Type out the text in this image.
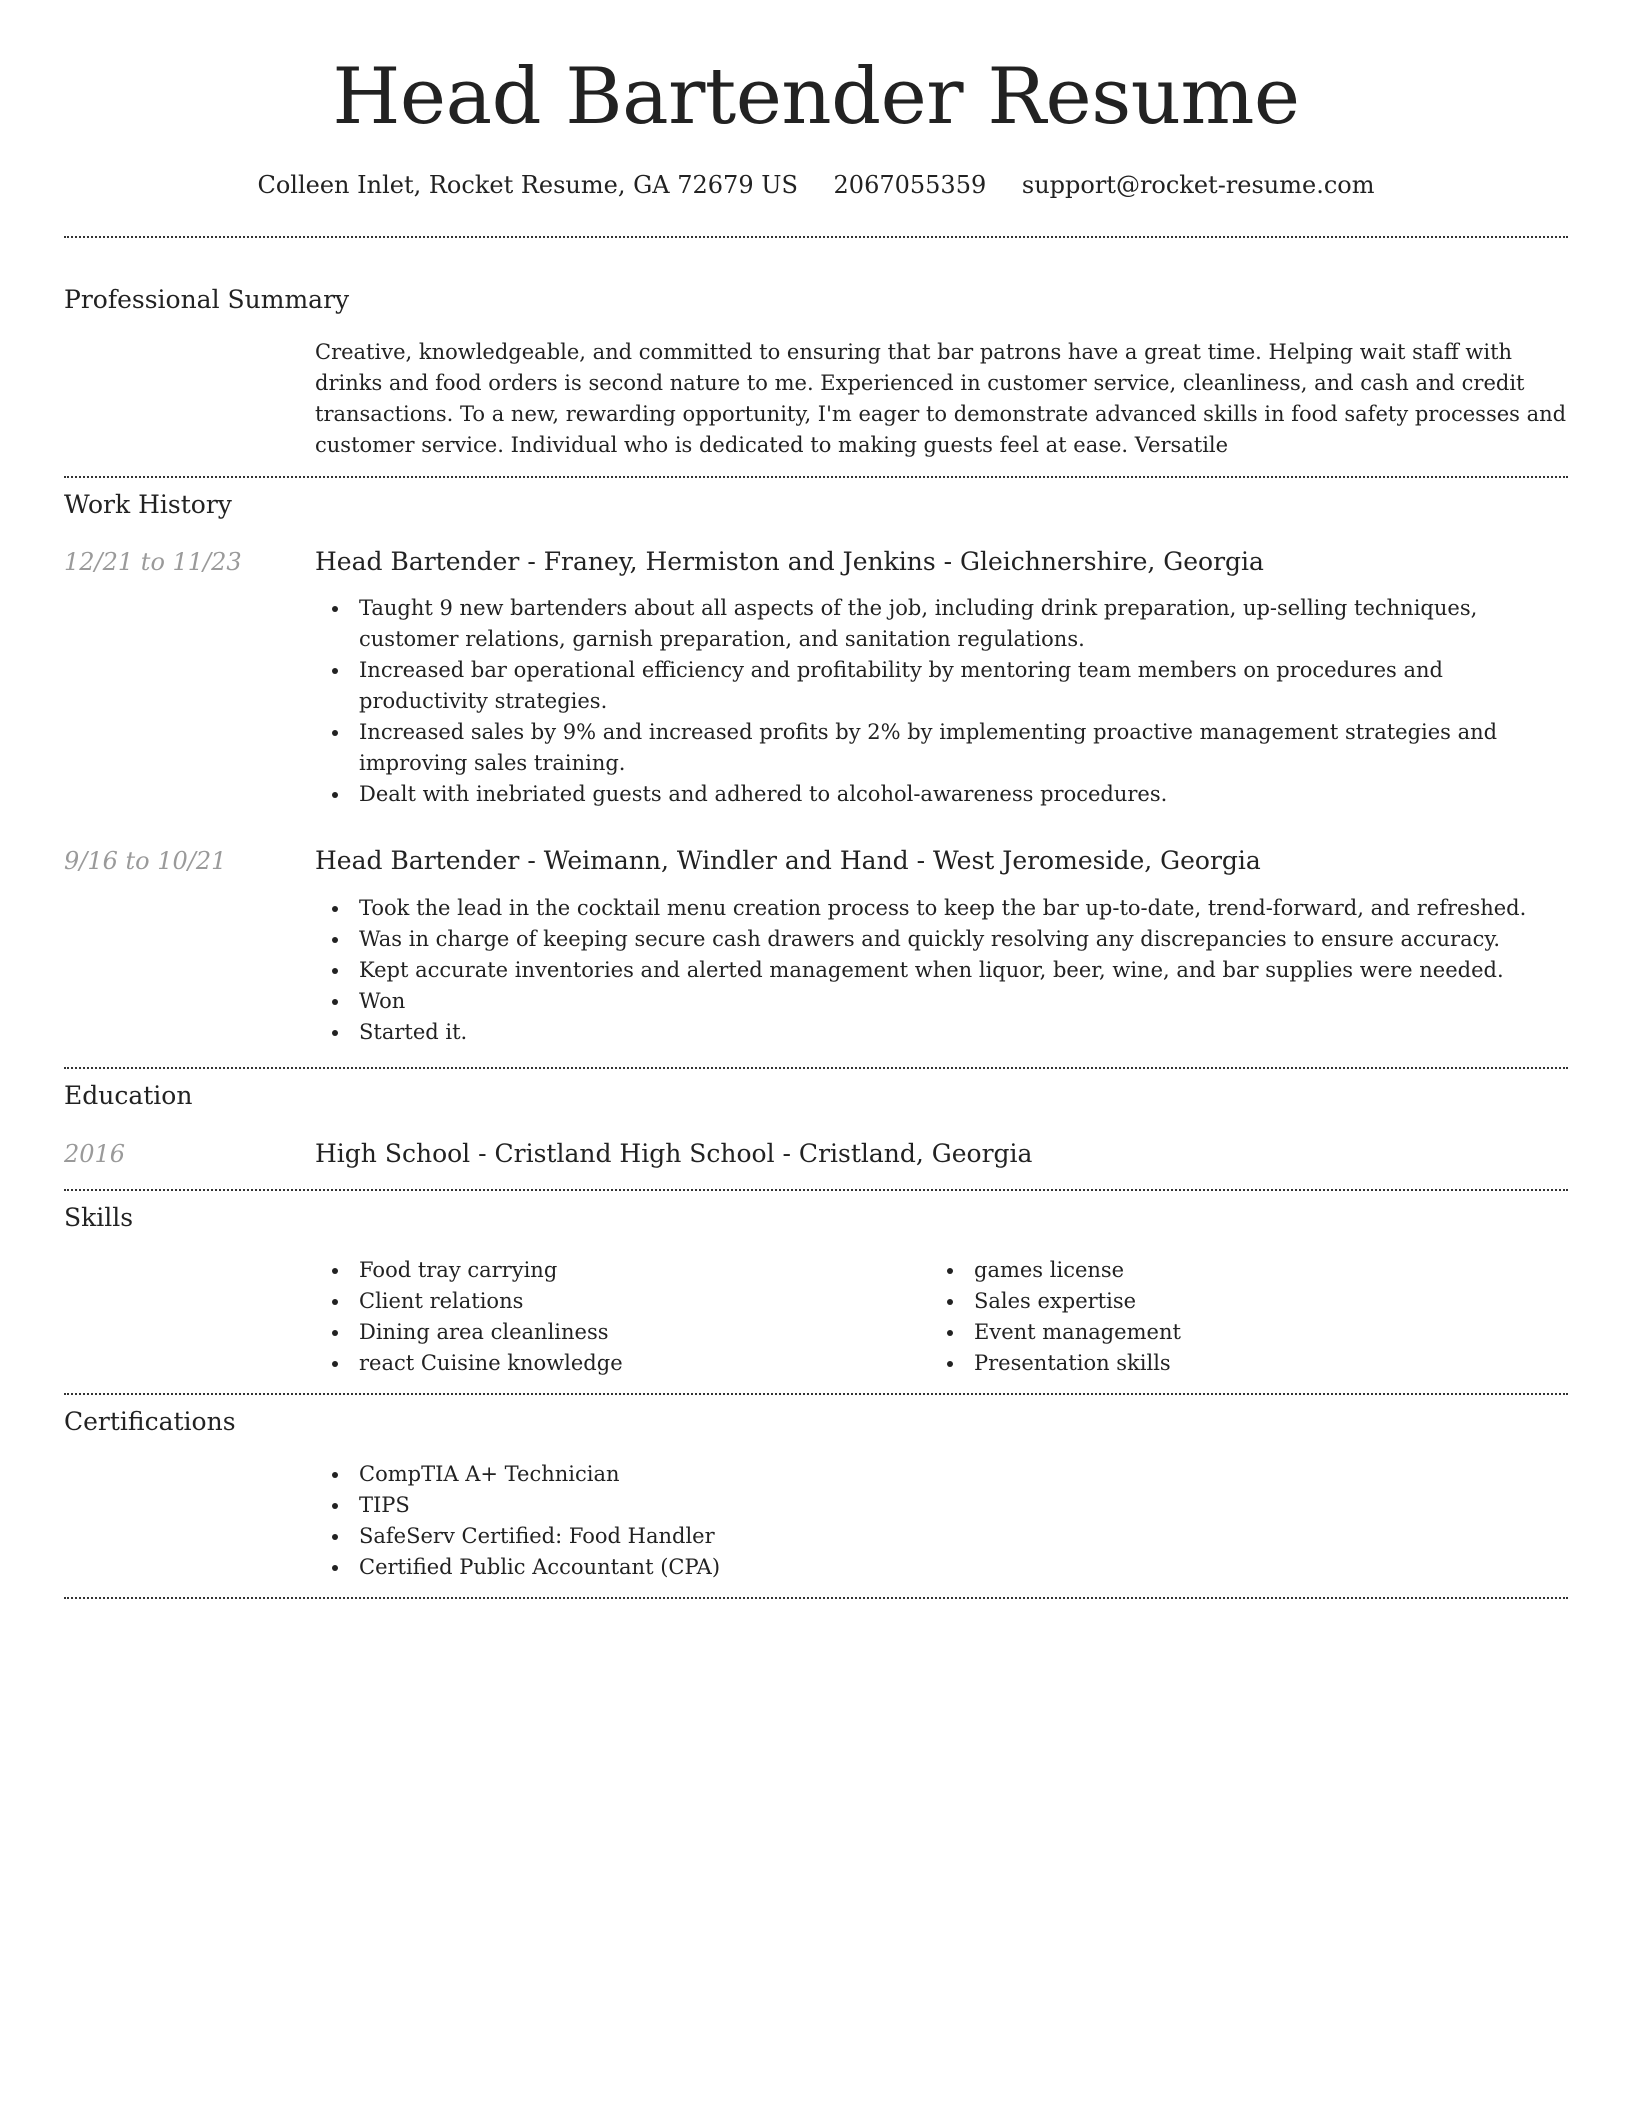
Head Bartender Resume
Colleen Inlet, Rocket Resume, GA 72679 US 2067055359 support@rocket-resume.com
Professional Summary
Creative, knowledgeable, and committed to ensuring that bar patrons have a great time. Helping wait staff with drinks and food orders is second nature to me. Experienced in customer service, cleanliness, and cash and credit transactions. To a new, rewarding opportunity, I'm eager to demonstrate advanced skills in food safety processes and customer service. Individual who is dedicated to making guests feel at ease. Versatile
Work History
12/21 to 11/23	Head Bartender - Franey, Hermiston and Jenkins - Gleichnershire, Georgia
Taught 9 new bartenders about all aspects of the job, including drink preparation, up-selling techniques, customer relations, garnish preparation, and sanitation regulations.
Increased bar operational efficiency and profitability by mentoring team members on procedures and productivity strategies.
Increased sales by 9% and increased profits by 2% by implementing proactive management strategies and improving sales training.
Dealt with inebriated guests and adhered to alcohol-awareness procedures.
9/16 to 10/21	Head Bartender - Weimann, Windler and Hand - West Jeromeside, Georgia
Took the lead in the cocktail menu creation process to keep the bar up-to-date, trend-forward, and refreshed.
Was in charge of keeping secure cash drawers and quickly resolving any discrepancies to ensure accuracy.
Kept accurate inventories and alerted management when liquor, beer, wine, and bar supplies were needed.
Won
Started it.
Education
2016	High School - Cristland High School - Cristland, Georgia
Skills
Food tray carrying
Client relations
Dining area cleanliness
react Cuisine knowledge
games license
Sales expertise
Event management
Presentation skills
Certifications
CompTIA A+ Technician
TIPS
SafeServ Certified: Food Handler
Certified Public Accountant (CPA)
